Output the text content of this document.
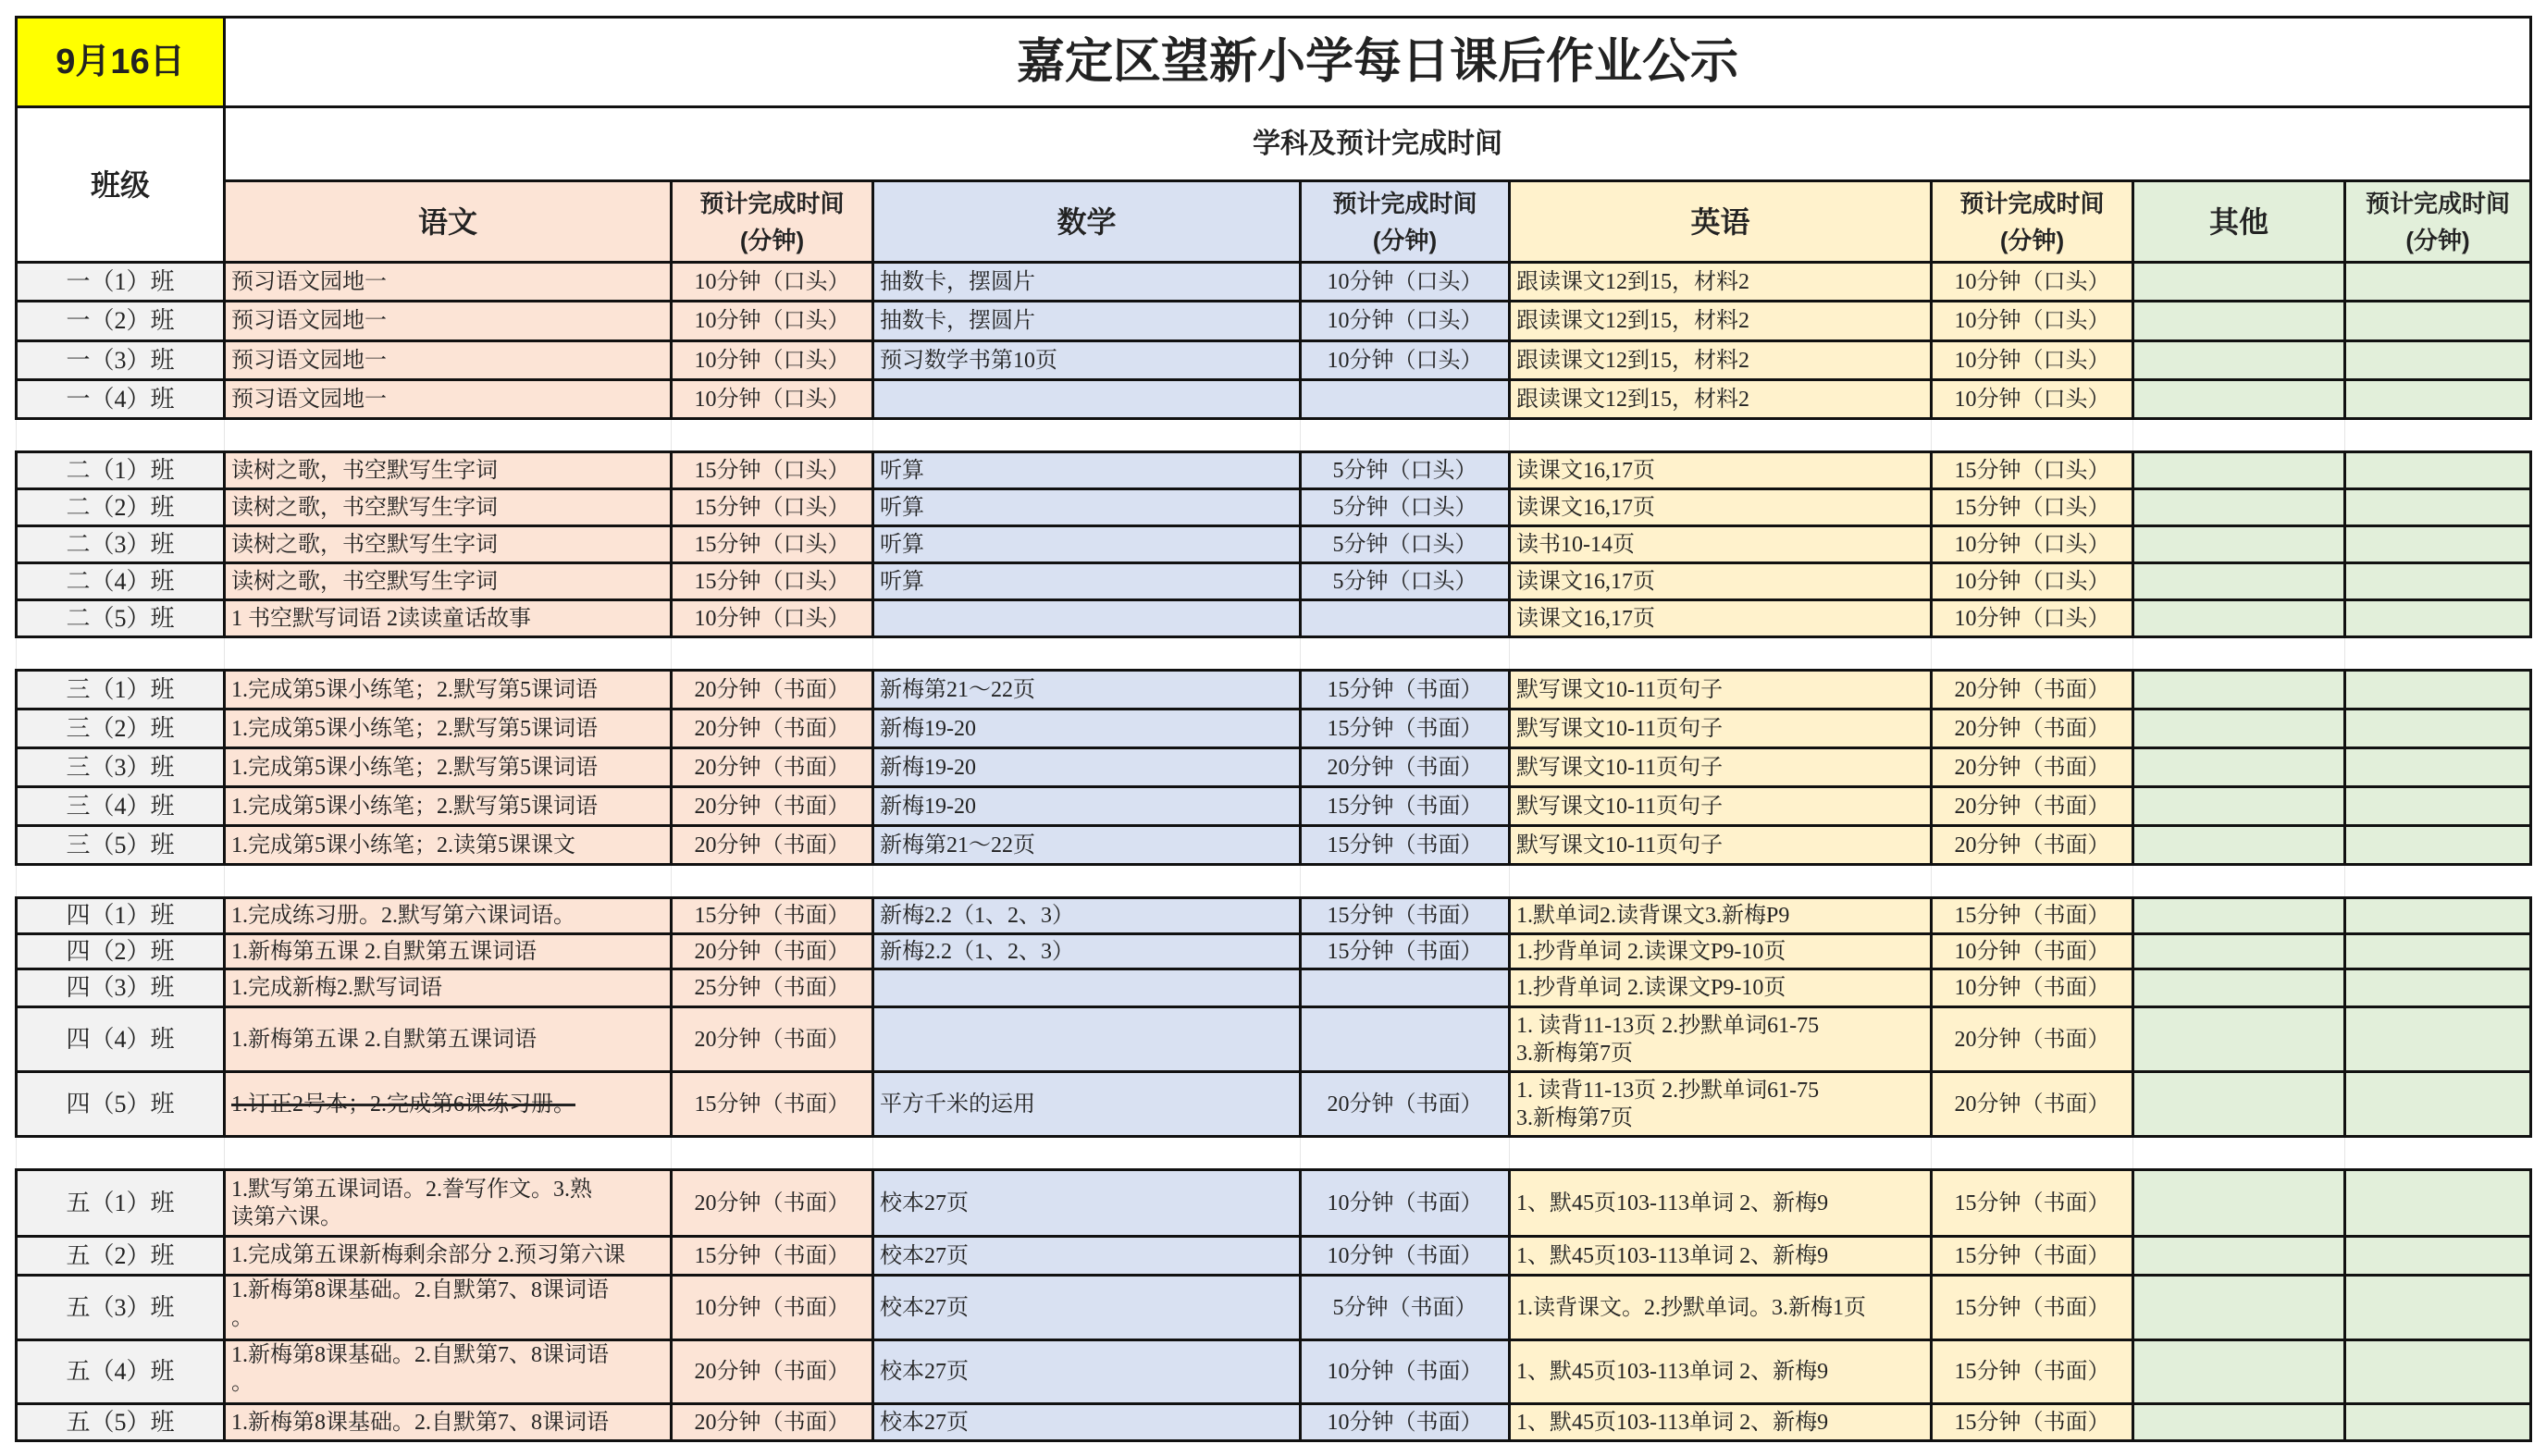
9月16日	嘉定区望新小学每日课后作业公示							
班级	学科及预计完成时间							
	语文	预计完成时间
(分钟)	数学	预计完成时间
(分钟)	英语	预计完成时间
(分钟)	其他	预计完成时间
(分钟)
一（1）班	预习语文园地一	10分钟（口头）	抽数卡，摆圆片	10分钟（口头）	跟读课文12到15，材料2	10分钟（口头）		
一（2）班	预习语文园地一	10分钟（口头）	抽数卡，摆圆片	10分钟（口头）	跟读课文12到15，材料2	10分钟（口头）		
一（3）班	预习语文园地一	10分钟（口头）	预习数学书第10页	10分钟（口头）	跟读课文12到15，材料2	10分钟（口头）		
一（4）班	预习语文园地一	10分钟（口头）			跟读课文12到15，材料2	10分钟（口头）		

二（1）班	读树之歌，书空默写生字词	15分钟（口头）	听算	5分钟（口头）	读课文16,17页	15分钟（口头）		
二（2）班	读树之歌，书空默写生字词	15分钟（口头）	听算	5分钟（口头）	读课文16,17页	15分钟（口头）		
二（3）班	读树之歌，书空默写生字词	15分钟（口头）	听算	5分钟（口头）	读书10-14页	10分钟（口头）		
二（4）班	读树之歌，书空默写生字词	15分钟（口头）	听算	5分钟（口头）	读课文16,17页	10分钟（口头）		
二（5）班	1 书空默写词语 2读读童话故事	10分钟（口头）			读课文16,17页	10分钟（口头）		

三（1）班	1.完成第5课小练笔；2.默写第5课词语	20分钟（书面）	新梅第21～22页	15分钟（书面）	默写课文10-11页句子	20分钟（书面）		
三（2）班	1.完成第5课小练笔；2.默写第5课词语	20分钟（书面）	新梅19-20	15分钟（书面）	默写课文10-11页句子	20分钟（书面）		
三（3）班	1.完成第5课小练笔；2.默写第5课词语	20分钟（书面）	新梅19-20	20分钟（书面）	默写课文10-11页句子	20分钟（书面）		
三（4）班	1.完成第5课小练笔；2.默写第5课词语	20分钟（书面）	新梅19-20	15分钟（书面）	默写课文10-11页句子	20分钟（书面）		
三（5）班	1.完成第5课小练笔；2.读第5课课文	20分钟（书面）	新梅第21～22页	15分钟（书面）	默写课文10-11页句子	20分钟（书面）		

四（1）班	1.完成练习册。2.默写第六课词语。	15分钟（书面）	新梅2.2（1、2、3）	15分钟（书面）	1.默单词2.读背课文3.新梅P9	15分钟（书面）		
四（2）班	1.新梅第五课 2.自默第五课词语	20分钟（书面）	新梅2.2（1、2、3）	15分钟（书面）	1.抄背单词 2.读课文P9-10页	10分钟（书面）		
四（3）班	1.完成新梅2.默写词语	25分钟（书面）			1.抄背单词 2.读课文P9-10页	10分钟（书面）		
四（4）班	1.新梅第五课 2.自默第五课词语	20分钟（书面）			1. 读背11-13页 2.抄默单词61-75
3.新梅第7页	20分钟（书面）		
四（5）班	1.订正2号本；2.完成第6课练习册。	15分钟（书面）	平方千米的运用	20分钟（书面）	1. 读背11-13页 2.抄默单词61-75
3.新梅第7页	20分钟（书面）		

五（1）班	1.默写第五课词语。2.誊写作文。3.熟
读第六课。	20分钟（书面）	校本27页	10分钟（书面）	1、默45页103-113单词 2、新梅9	15分钟（书面）		
五（2）班	1.完成第五课新梅剩余部分 2.预习第六课	15分钟（书面）	校本27页	10分钟（书面）	1、默45页103-113单词 2、新梅9	15分钟（书面）		
五（3）班	1.新梅第8课基础。2.自默第7、8课词语
。	10分钟（书面）	校本27页	5分钟（书面）	1.读背课文。2.抄默单词。3.新梅1页	15分钟（书面）		
五（4）班	1.新梅第8课基础。2.自默第7、8课词语
。	20分钟（书面）	校本27页	10分钟（书面）	1、默45页103-113单词 2、新梅9	15分钟（书面）		
五（5）班	1.新梅第8课基础。2.自默第7、8课词语	20分钟（书面）	校本27页	10分钟（书面）	1、默45页103-113单词 2、新梅9	15分钟（书面）		
